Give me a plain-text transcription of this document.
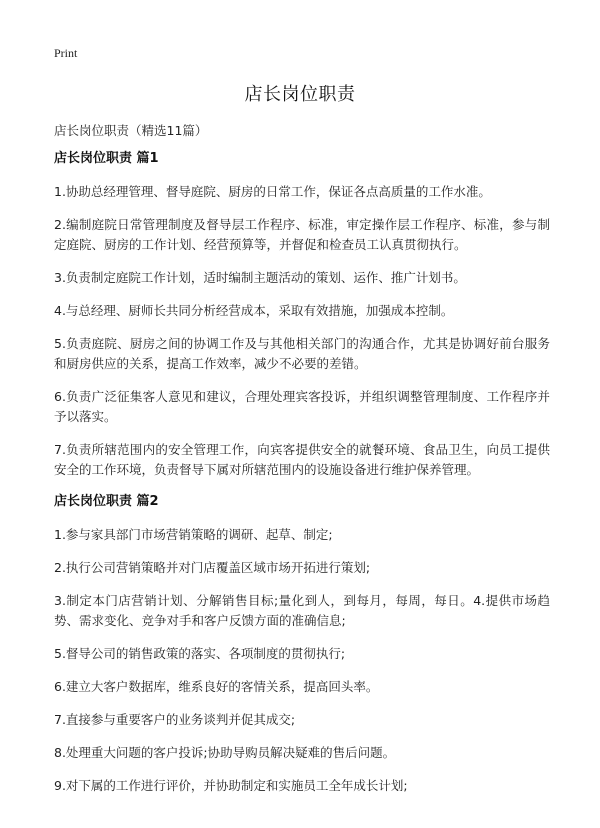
Print
店长岗位职责
店长岗位职责（精选11篇）
店长岗位职责 篇1

1.协助总经理管理、督导庭院、厨房的日常工作，保证各点高质量的工作水准。

2.编制庭院日常管理制度及督导层工作程序、标准，审定操作层工作程序、标准，参与制定庭院、厨房的工作计划、经营预算等，并督促和检查员工认真贯彻执行。

3.负责制定庭院工作计划，适时编制主题活动的策划、运作、推广计划书。

4.与总经理、厨师长共同分析经营成本，采取有效措施，加强成本控制。

5.负责庭院、厨房之间的协调工作及与其他相关部门的沟通合作，尤其是协调好前台服务和厨房供应的关系，提高工作效率，减少不必要的差错。

6.负责广泛征集客人意见和建议，合理处理宾客投诉，并组织调整管理制度、工作程序并予以落实。

7.负责所辖范围内的安全管理工作，向宾客提供安全的就餐环境、食品卫生，向员工提供安全的工作环境，负责督导下属对所辖范围内的设施设备进行维护保养管理。

店长岗位职责 篇2

1.参与家具部门市场营销策略的调研、起草、制定;

2.执行公司营销策略并对门店覆盖区域市场开拓进行策划;

3.制定本门店营销计划、分解销售目标;量化到人，到每月，每周，每日。4.提供市场趋势、需求变化、竞争对手和客户反馈方面的准确信息;

5.督导公司的销售政策的落实、各项制度的贯彻执行;

6.建立大客户数据库，维系良好的客情关系，提高回头率。

7.直接参与重要客户的业务谈判并促其成交;

8.处理重大问题的客户投诉;协助导购员解决疑难的售后问题。

9.对下属的工作进行评价，并协助制定和实施员工全年成长计划;
